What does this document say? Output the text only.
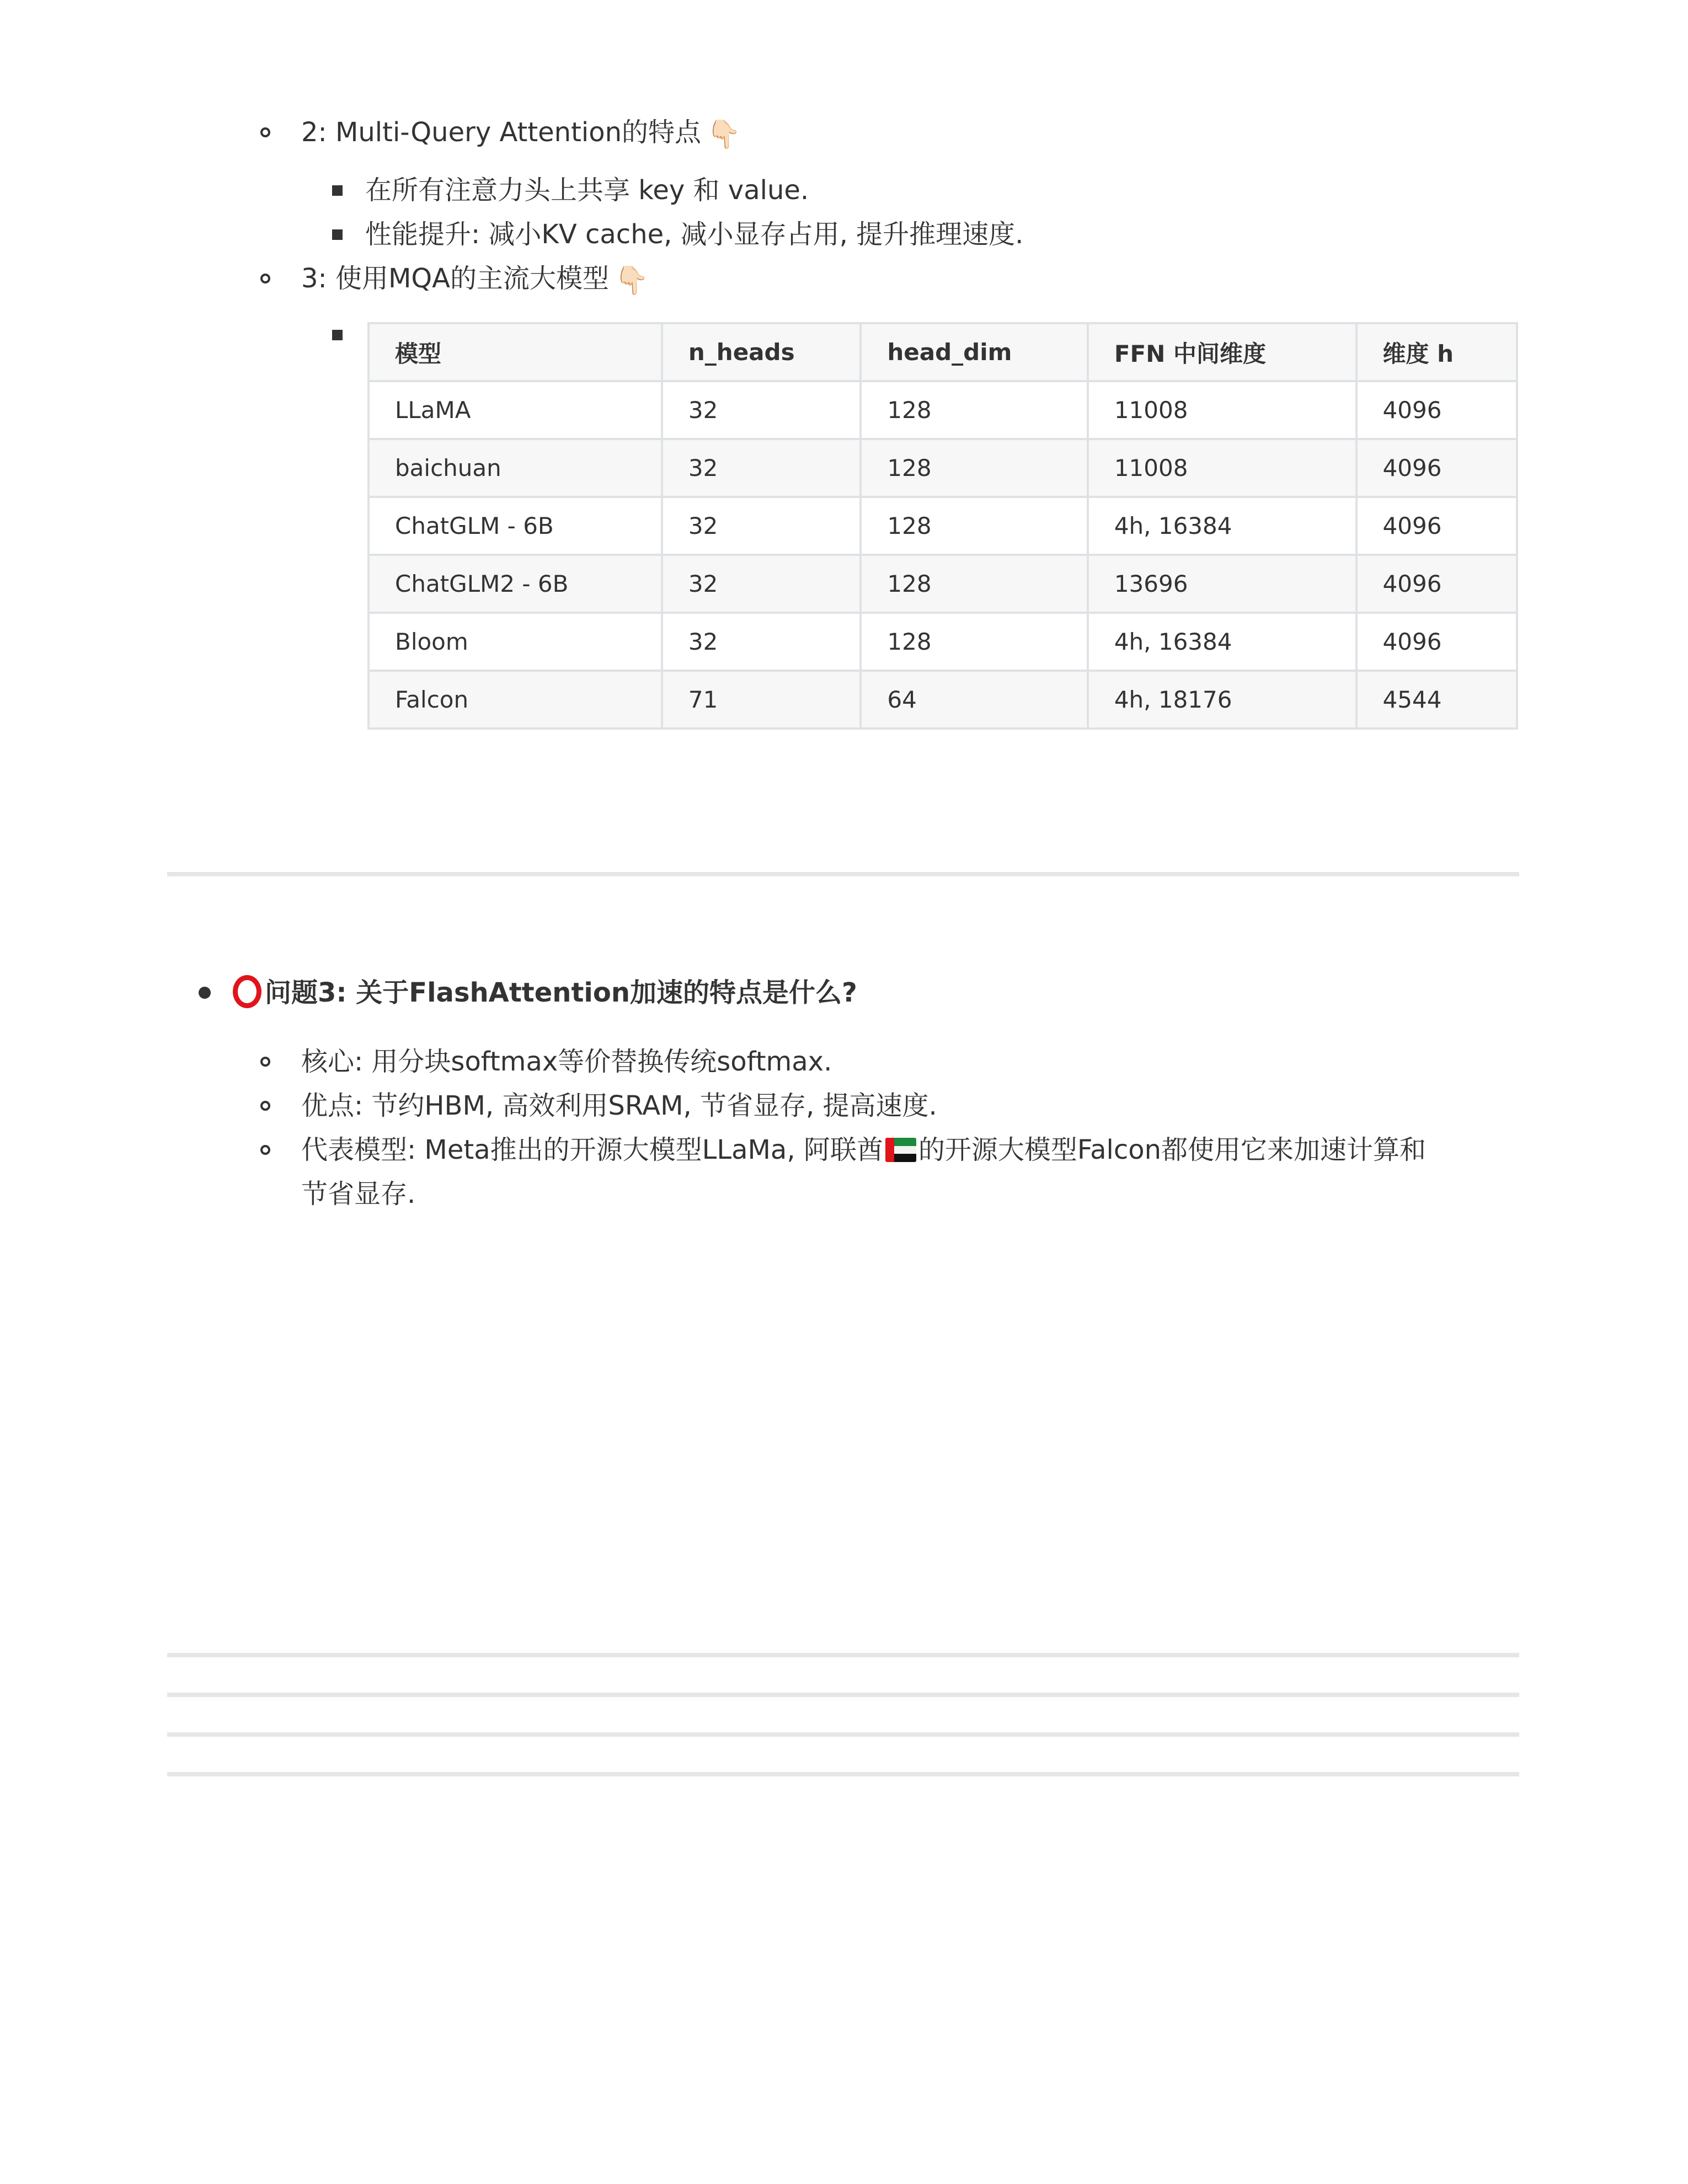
2: Multi-Query Attention的特点 👇🏻
在所有注意力头上共享 key 和 value.
性能提升: 减小KV cache, 减小显存占用, 提升推理速度.
3: 使用MQA的主流大模型 👇🏻
模型	n_heads	head_dim	FFN 中间维度	维度 h
LLaMA	32	128	11008	4096
baichuan	32	128	11008	4096
ChatGLM - 6B	32	128	4h, 16384	4096
ChatGLM2 - 6B	32	128	13696	4096
Bloom	32	128	4h, 16384	4096
Falcon	71	64	4h, 18176	4544
问题3: 关于FlashAttention加速的特点是什么?
核心: 用分块softmax等价替换传统softmax.
优点: 节约HBM, 高效利用SRAM, 节省显存, 提高速度.
代表模型: Meta推出的开源大模型LLaMa, 阿联酋 的开源大模型Falcon都使用它来加速计算和
节省显存.
